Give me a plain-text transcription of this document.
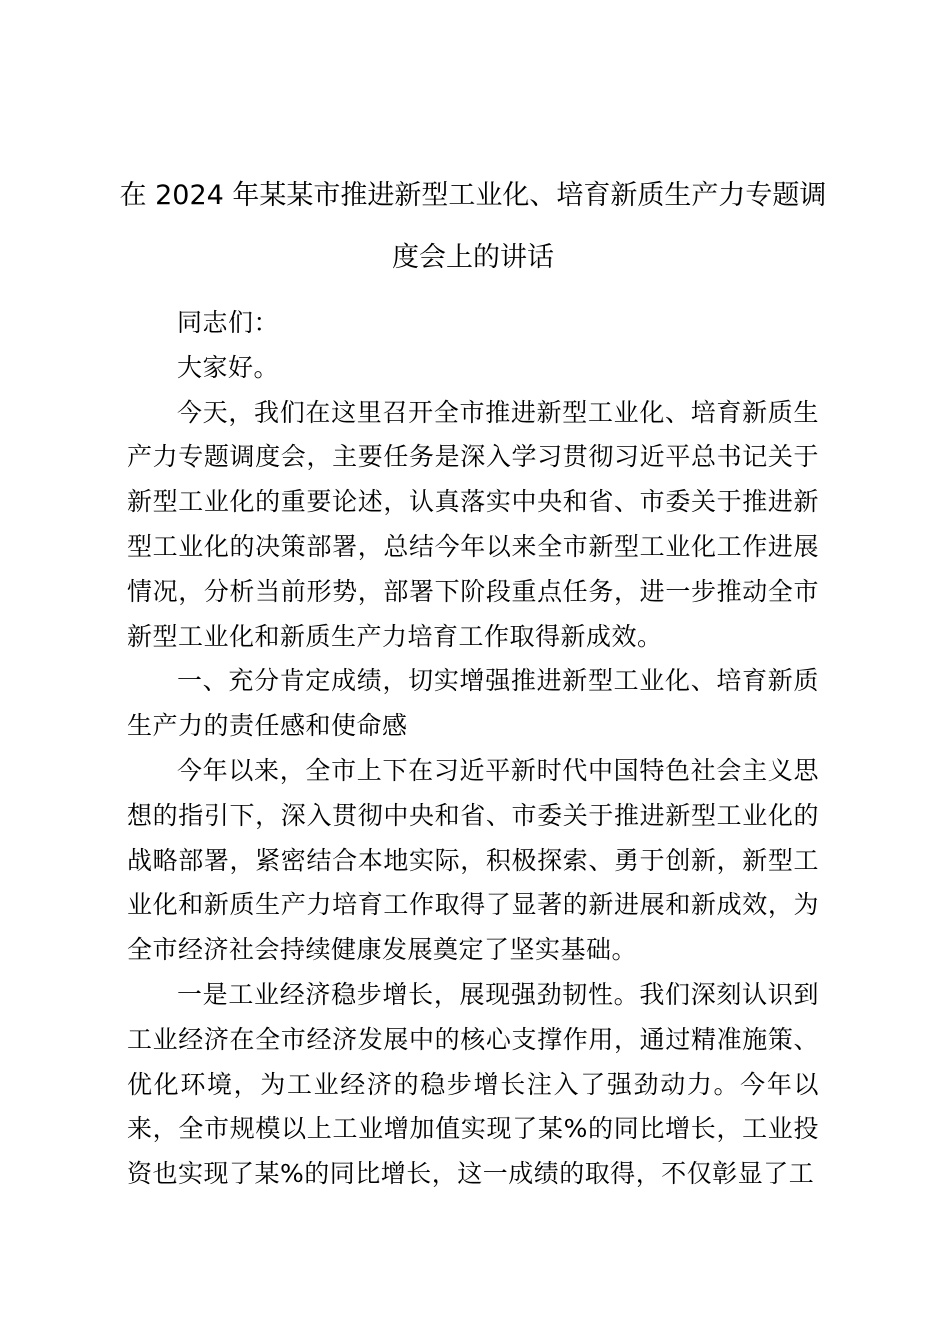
在 2024 年某某市推进新型工业化、培育新质生产力专题调度会上的讲话

同志们：

大家好。

今天，我们在这里召开全市推进新型工业化、培育新质生产力专题调度会，主要任务是深入学习贯彻习近平总书记关于新型工业化的重要论述，认真落实中央和省、市委关于推进新型工业化的决策部署，总结今年以来全市新型工业化工作进展情况，分析当前形势，部署下阶段重点任务，进一步推动全市新型工业化和新质生产力培育工作取得新成效。

一、充分肯定成绩，切实增强推进新型工业化、培育新质生产力的责任感和使命感

今年以来，全市上下在习近平新时代中国特色社会主义思想的指引下，深入贯彻中央和省、市委关于推进新型工业化的战略部署，紧密结合本地实际，积极探索、勇于创新，新型工业化和新质生产力培育工作取得了显著的新进展和新成效，为全市经济社会持续健康发展奠定了坚实基础。

一是工业经济稳步增长，展现强劲韧性。我们深刻认识到工业经济在全市经济发展中的核心支撑作用，通过精准施策、优化环境，为工业经济的稳步增长注入了强劲动力。今年以来，全市规模以上工业增加值实现了某%的同比增长，工业投资也实现了某%的同比增长，这一成绩的取得，不仅彰显了工
